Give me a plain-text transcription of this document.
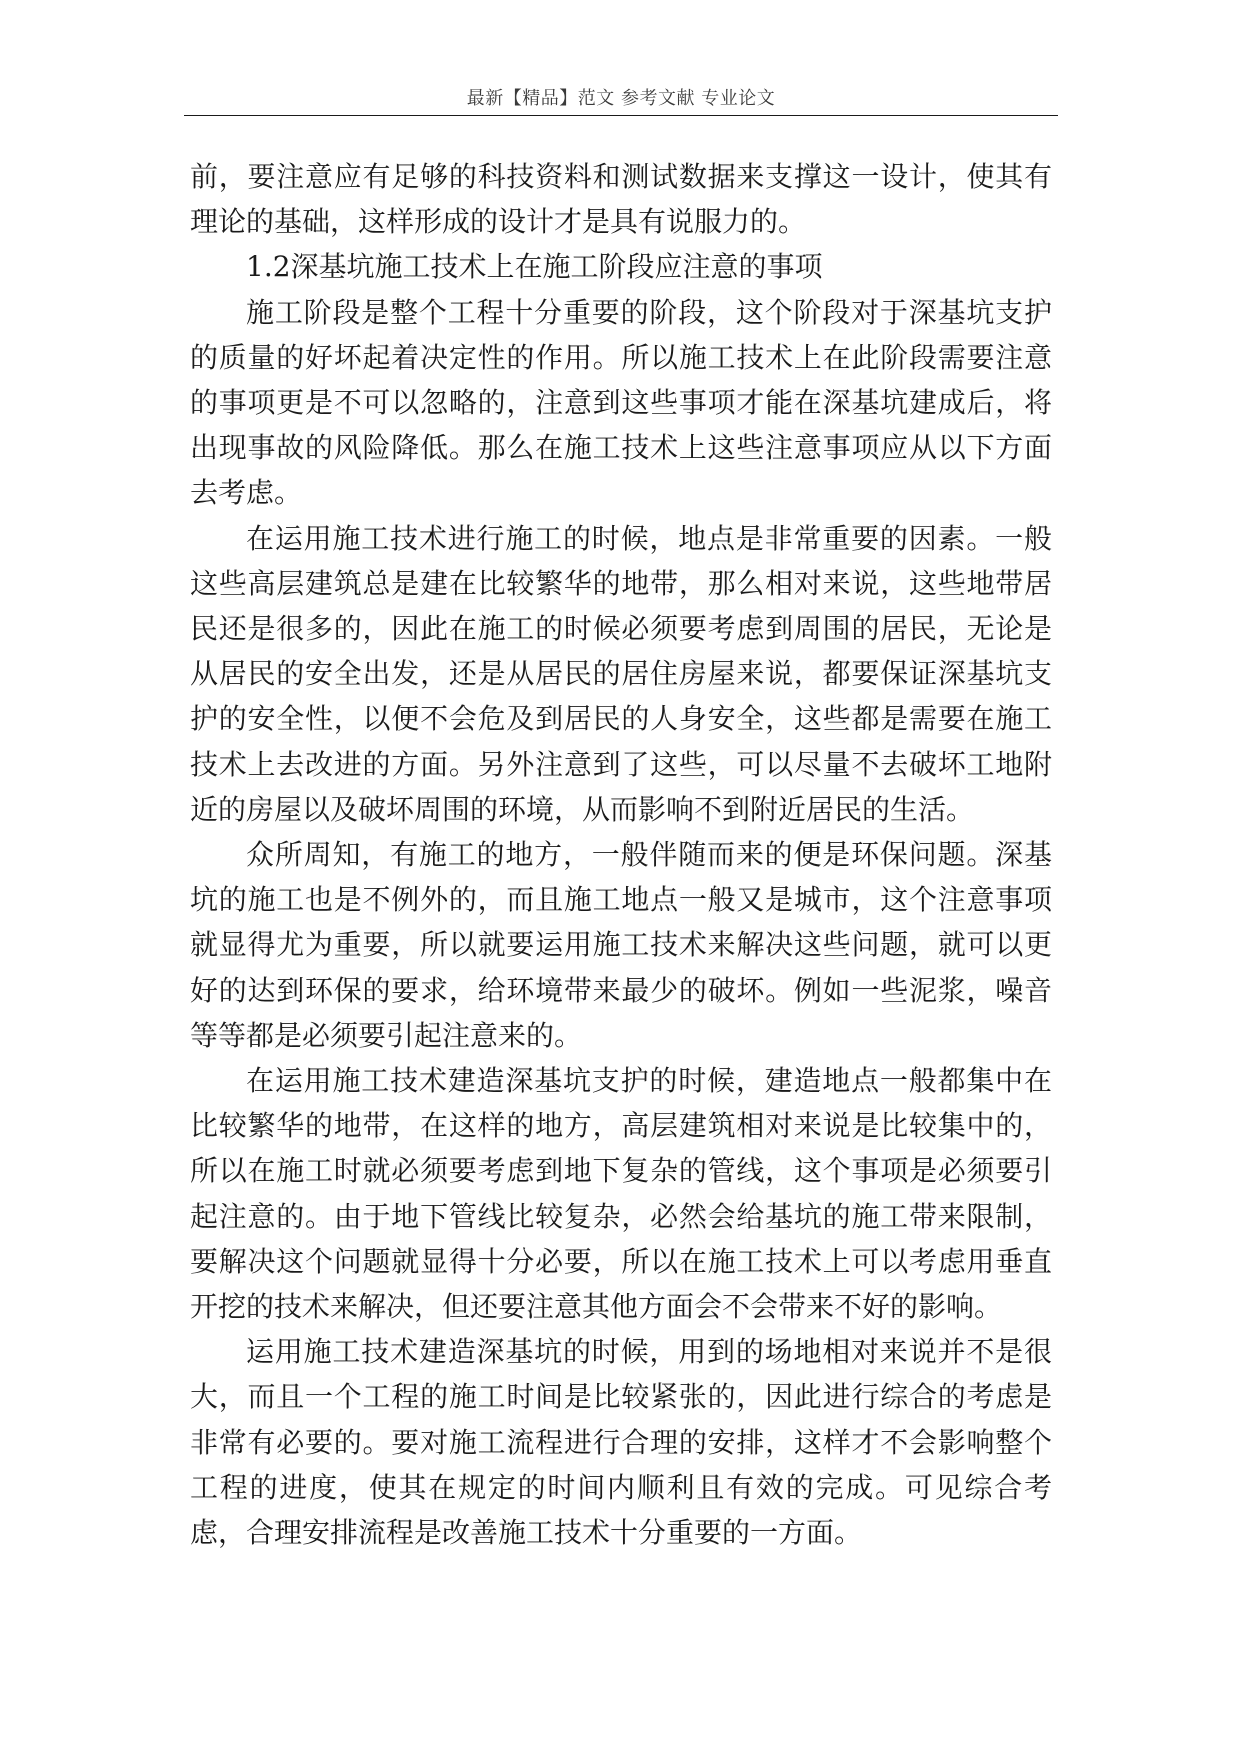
最新【精品】范文 参考文献 专业论文

前，要注意应有足够的科技资料和测试数据来支撑这一设计，使其有理论的基础，这样形成的设计才是具有说服力的。

1.2深基坑施工技术上在施工阶段应注意的事项

施工阶段是整个工程十分重要的阶段，这个阶段对于深基坑支护的质量的好坏起着决定性的作用。所以施工技术上在此阶段需要注意的事项更是不可以忽略的，注意到这些事项才能在深基坑建成后，将出现事故的风险降低。那么在施工技术上这些注意事项应从以下方面去考虑。

在运用施工技术进行施工的时候，地点是非常重要的因素。一般这些高层建筑总是建在比较繁华的地带，那么相对来说，这些地带居民还是很多的，因此在施工的时候必须要考虑到周围的居民，无论是从居民的安全出发，还是从居民的居住房屋来说，都要保证深基坑支护的安全性，以便不会危及到居民的人身安全，这些都是需要在施工技术上去改进的方面。另外注意到了这些，可以尽量不去破坏工地附近的房屋以及破坏周围的环境，从而影响不到附近居民的生活。

众所周知，有施工的地方，一般伴随而来的便是环保问题。深基坑的施工也是不例外的，而且施工地点一般又是城市，这个注意事项就显得尤为重要，所以就要运用施工技术来解决这些问题，就可以更好的达到环保的要求，给环境带来最少的破坏。例如一些泥浆，噪音等等都是必须要引起注意来的。

在运用施工技术建造深基坑支护的时候，建造地点一般都集中在比较繁华的地带，在这样的地方，高层建筑相对来说是比较集中的，所以在施工时就必须要考虑到地下复杂的管线，这个事项是必须要引起注意的。由于地下管线比较复杂，必然会给基坑的施工带来限制，要解决这个问题就显得十分必要，所以在施工技术上可以考虑用垂直开挖的技术来解决，但还要注意其他方面会不会带来不好的影响。

运用施工技术建造深基坑的时候，用到的场地相对来说并不是很大，而且一个工程的施工时间是比较紧张的，因此进行综合的考虑是非常有必要的。要对施工流程进行合理的安排，这样才不会影响整个工程的进度，使其在规定的时间内顺利且有效的完成。可见综合考虑，合理安排流程是改善施工技术十分重要的一方面。
